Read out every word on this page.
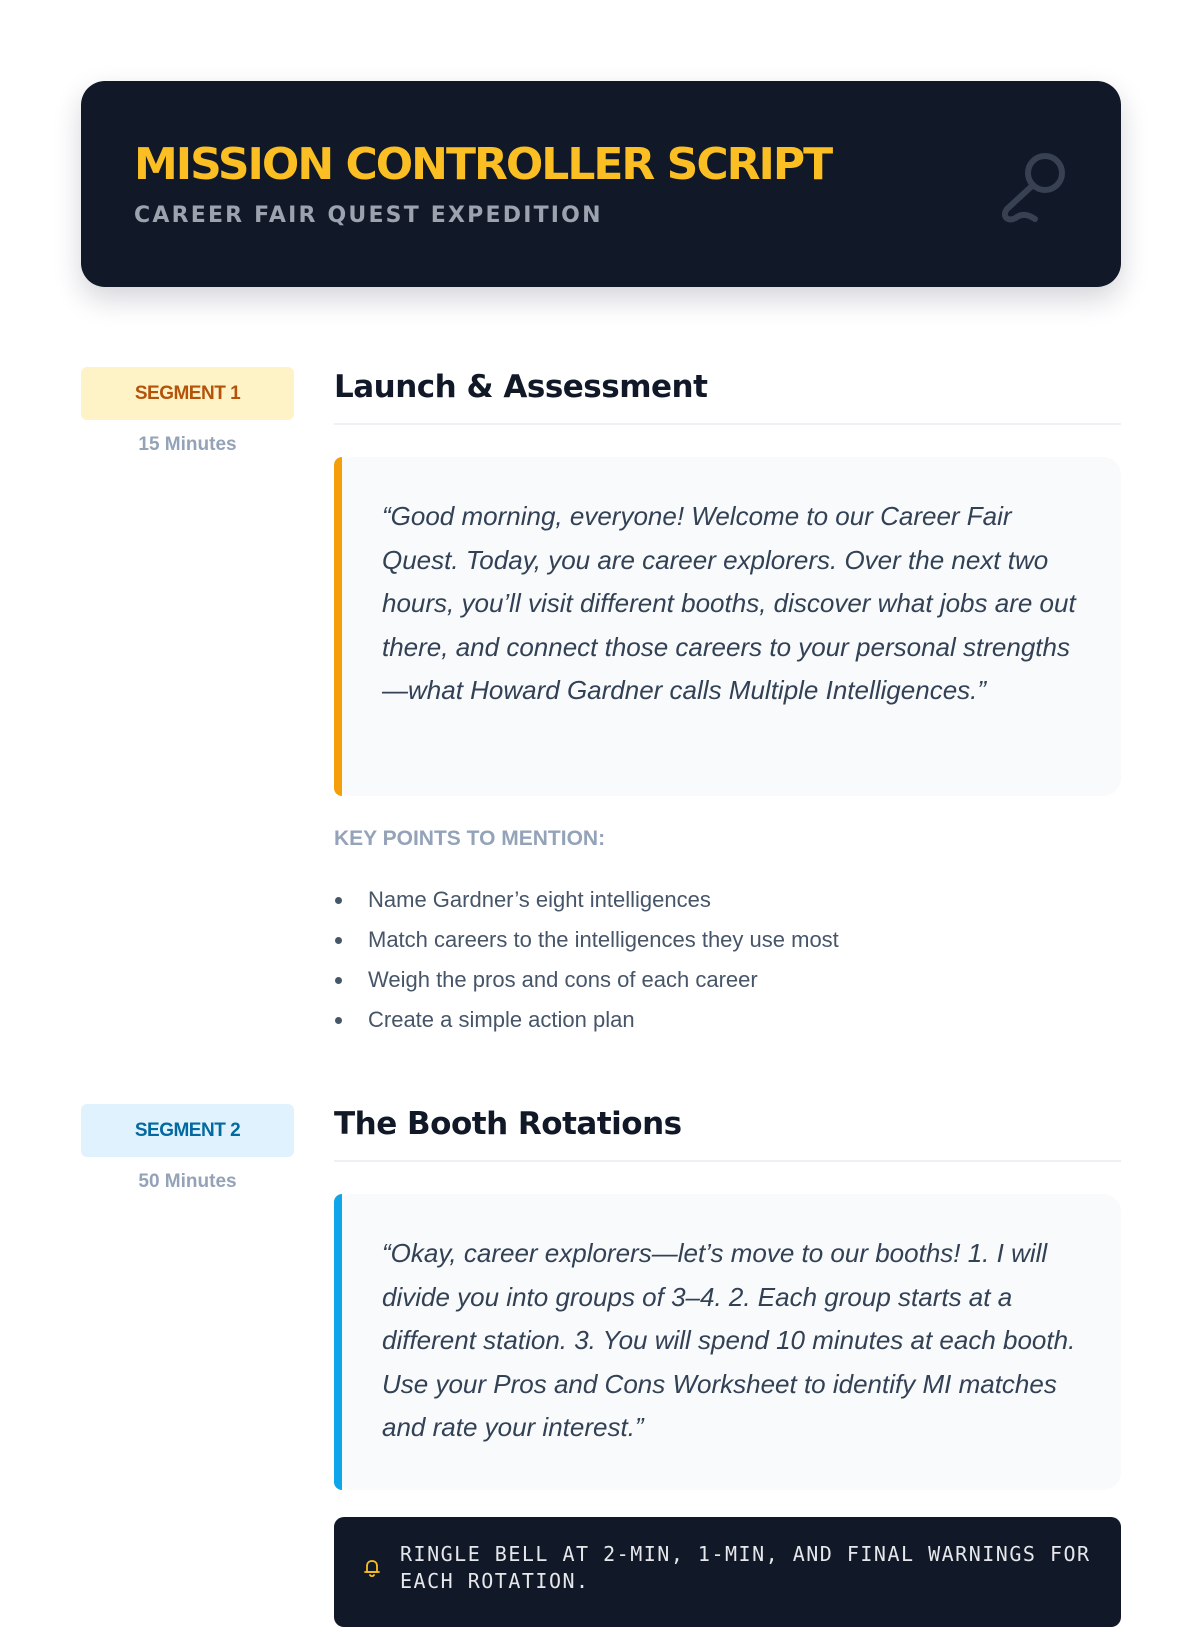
MISSION CONTROLLER SCRIPT
CAREER FAIR QUEST EXPEDITION
SEGMENT 1
15 Minutes
Launch & Assessment
“Good morning, everyone! Welcome to our Career Fair Quest. Today, you are career explorers. Over the next two hours, you’ll visit different booths, discover what jobs are out there, and connect those careers to your personal strengths—what Howard Gardner calls Multiple Intelligences.”
KEY POINTS TO MENTION:
Name Gardner’s eight intelligences
Match careers to the intelligences they use most
Weigh the pros and cons of each career
Create a simple action plan
SEGMENT 2
50 Minutes
The Booth Rotations
“Okay, career explorers—let’s move to our booths! 1. I will divide you into groups of 3–4. 2. Each group starts at a different station. 3. You will spend 10 minutes at each booth. Use your Pros and Cons Worksheet to identify MI matches and rate your interest.”
RINGLE BELL AT 2-MIN, 1-MIN, AND FINAL WARNINGS FOR EACH ROTATION.
